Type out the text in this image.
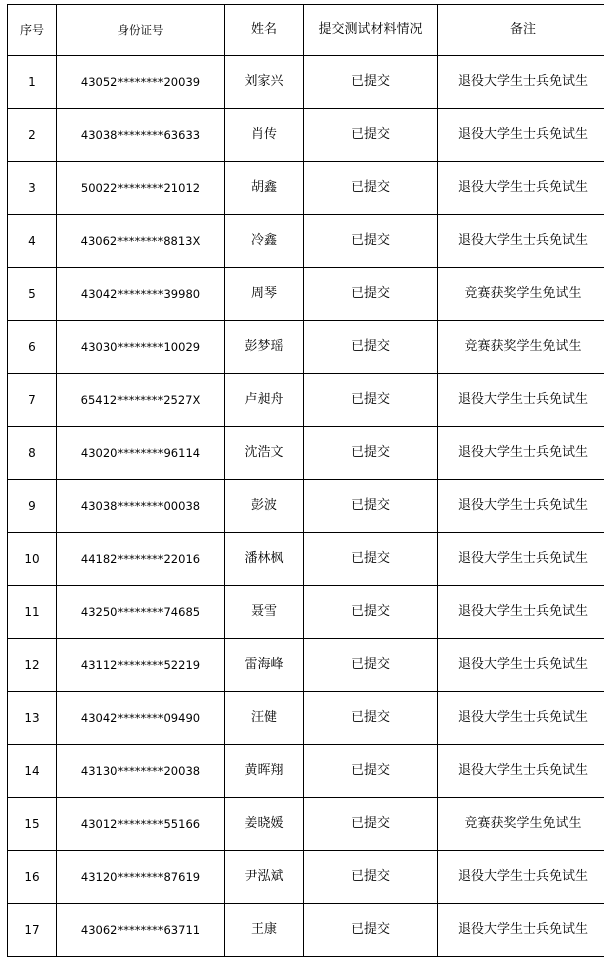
序号	身份证号	姓名	提交测试材料情况	备注
1	43052********20039	刘家兴	已提交	退役大学生士兵免试生
2	43038********63633	肖传	已提交	退役大学生士兵免试生
3	50022********21012	胡鑫	已提交	退役大学生士兵免试生
4	43062********8813X	冷鑫	已提交	退役大学生士兵免试生
5	43042********39980	周琴	已提交	竞赛获奖学生免试生
6	43030********10029	彭梦瑶	已提交	竞赛获奖学生免试生
7	65412********2527X	卢昶舟	已提交	退役大学生士兵免试生
8	43020********96114	沈浩文	已提交	退役大学生士兵免试生
9	43038********00038	彭波	已提交	退役大学生士兵免试生
10	44182********22016	潘林枫	已提交	退役大学生士兵免试生
11	43250********74685	聂雪	已提交	退役大学生士兵免试生
12	43112********52219	雷海峰	已提交	退役大学生士兵免试生
13	43042********09490	汪健	已提交	退役大学生士兵免试生
14	43130********20038	黄晖翔	已提交	退役大学生士兵免试生
15	43012********55166	姜晓媛	已提交	竞赛获奖学生免试生
16	43120********87619	尹泓斌	已提交	退役大学生士兵免试生
17	43062********63711	王康	已提交	退役大学生士兵免试生
